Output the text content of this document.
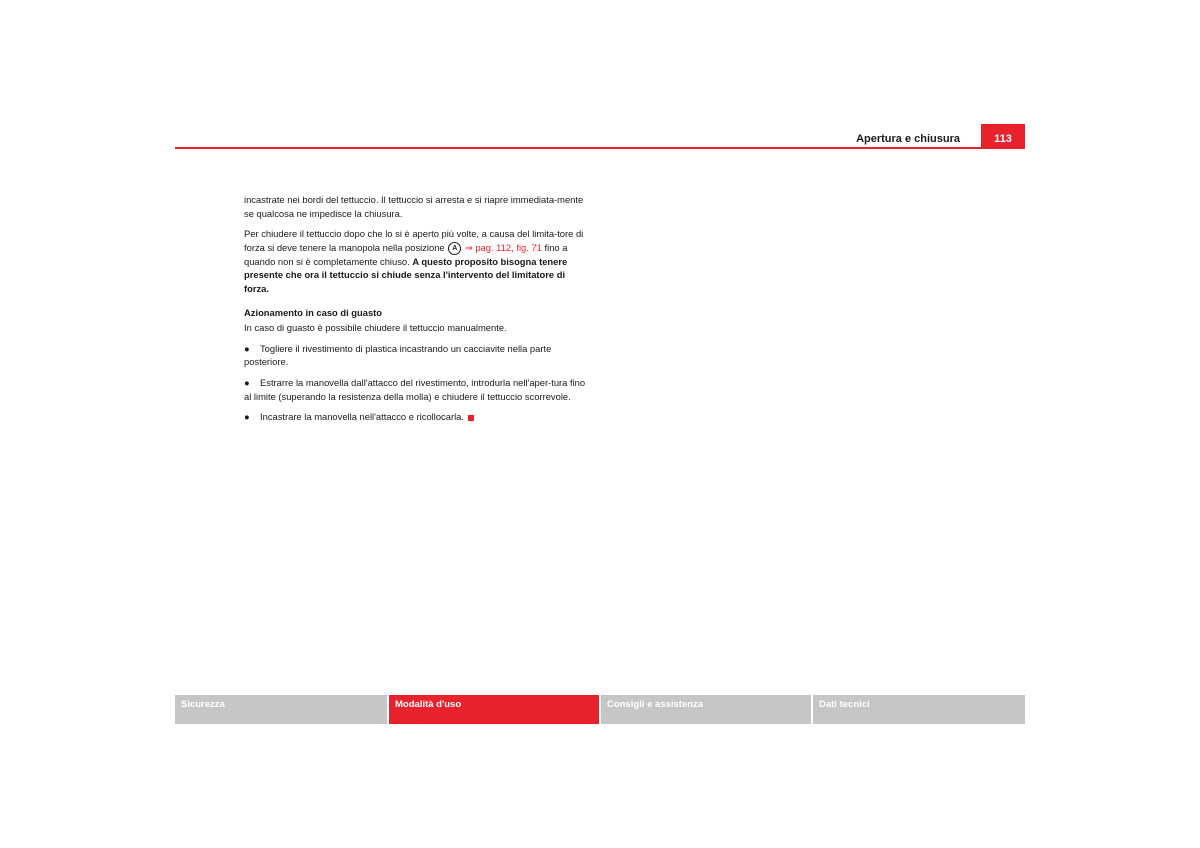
Apertura e chiusura	113

incastrate nei bordi del tettuccio. Il tettuccio si arresta e si riapre immediata-mente se qualcosa ne impedisce la chiusura.

Per chiudere il tettuccio dopo che lo si è aperto più volte, a causa del limita-tore di forza si deve tenere la manopola nella posizione A ⇒ pag. 112, fig. 71 fino a quando non si è completamente chiuso. A questo proposito bisogna tenere presente che ora il tettuccio si chiude senza l'intervento del limitatore di forza.

Azionamento in caso di guasto

In caso di guasto è possibile chiudere il tettuccio manualmente.

● Togliere il rivestimento di plastica incastrando un cacciavite nella parte posteriore.

● Estrarre la manovella dall'attacco del rivestimento, introdurla nell'aper-tura fino al limite (superando la resistenza della molla) e chiudere il tettuccio scorrevole.

● Incastrare la manovella nell'attacco e ricollocarla.

Sicurezza	Modalità d'uso	Consigli e assistenza	Dati tecnici
